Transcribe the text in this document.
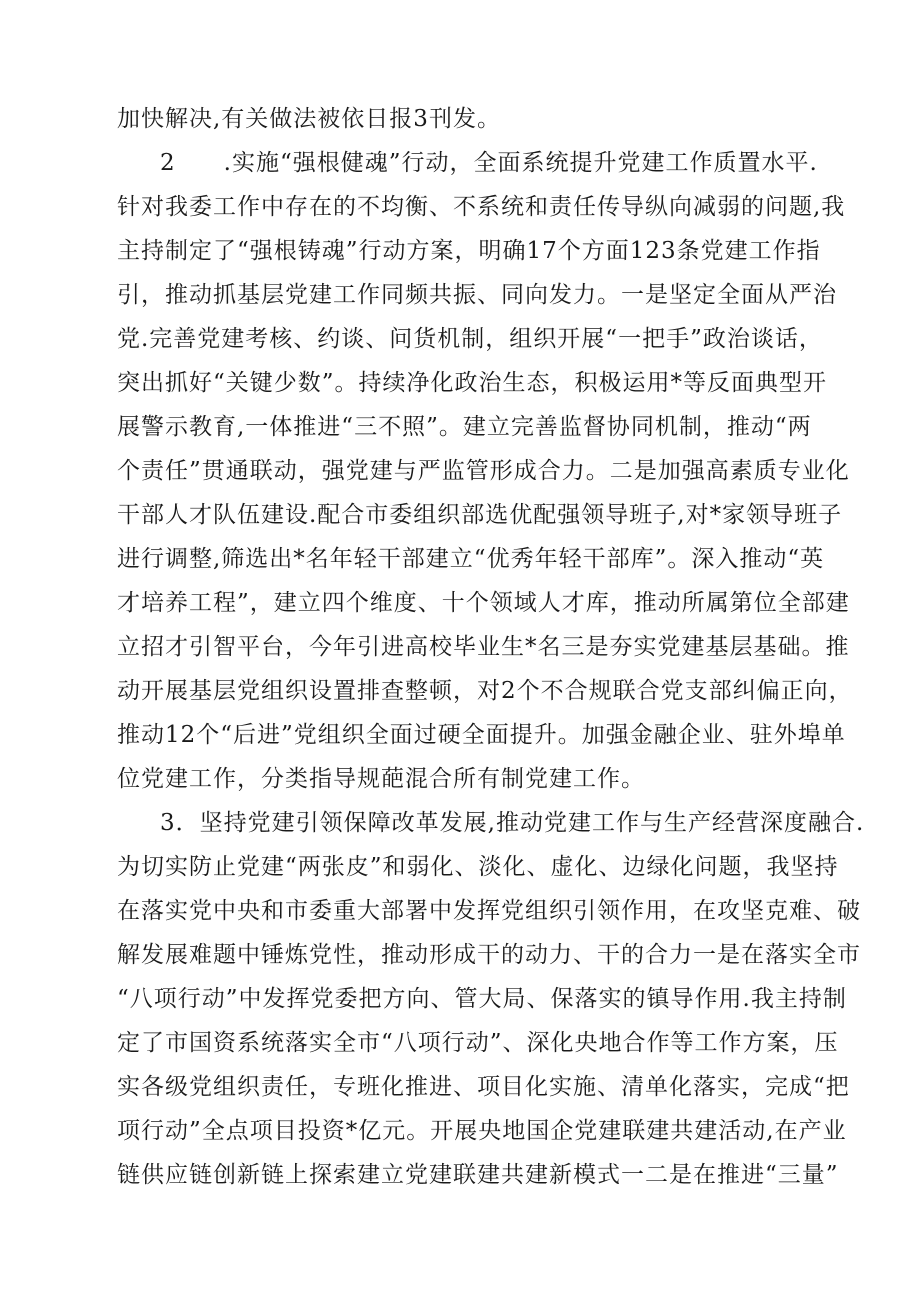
加快解决,有关做法被依日报3刊发。
2　　.实施“强根健魂”行动，全面系统提升党建工作质置水平.
针对我委工作中存在的不均衡、不系统和责任传导纵向减弱的问题,我
主持制定了“强根铸魂”行动方案，明确17个方面123条党建工作指
引，推动抓基层党建工作同频共振、同向发力。一是坚定全面从严治
党.完善党建考核、约谈、问货机制，组织开展“一把手”政治谈话，
突出抓好“关键少数”。持续净化政治生态，积极运用*等反面典型开
展警示教育,一体推进“三不照”。建立完善监督协同机制，推动“两
个责任”贯通联动，强党建与严监管形成合力。二是加强高素质专业化
干部人才队伍建设.配合市委组织部选优配强领导班子,对*家领导班子
进行调整,筛选出*名年轻干部建立“优秀年轻干部库”。深入推动“英
才培养工程”，建立四个维度、十个领域人才库，推动所属第位全部建
立招才引智平台，今年引进高校毕业生*名三是夯实党建基层基础。推
动开展基层党组织设置排查整顿，对2个不合规联合党支部纠偏正向，
推动12个“后进”党组织全面过硬全面提升。加强金融企业、驻外埠单
位党建工作，分类指导规葩混合所有制党建工作。
3．坚持党建引领保障改革发展,推动党建工作与生产经营深度融合.
为切实防止党建“两张皮”和弱化、淡化、虚化、边绿化问题，我坚持
在落实党中央和市委重大部署中发挥党组织引领作用，在攻坚克难、破
解发展难题中锤炼党性，推动形成干的动力、干的合力一是在落实全市
“八项行动”中发挥党委把方向、管大局、保落实的镇导作用.我主持制
定了市国资系统落实全市“八项行动”、深化央地合作等工作方案，压
实各级党组织责任，专班化推进、项目化实施、清单化落实，完成“把
项行动”全点项目投资*亿元。开展央地国企党建联建共建活动,在产业
链供应链创新链上探索建立党建联建共建新模式一二是在推进“三量”
